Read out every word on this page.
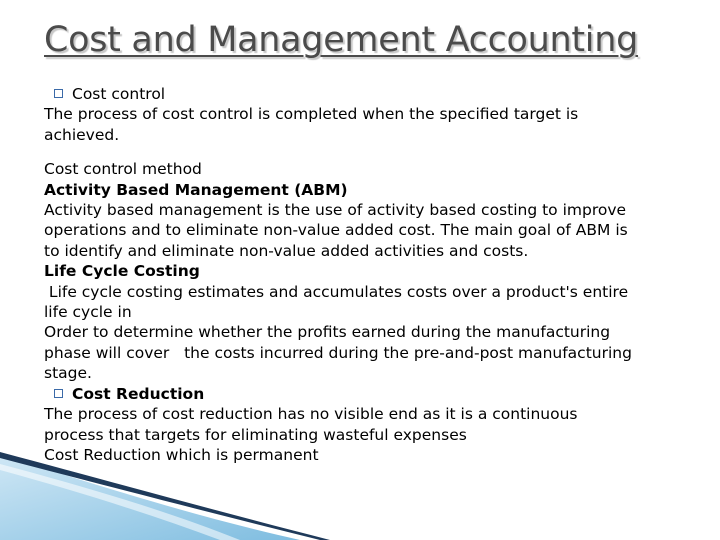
Cost and Management Accounting
Cost control
The process of cost control is completed when the specified target is
achieved.
Cost control method
Activity Based Management (ABM)
Activity based management is the use of activity based costing to improve
operations and to eliminate non-value added cost. The main goal of ABM is
to identify and eliminate non-value added activities and costs.
Life Cycle Costing
Life cycle costing estimates and accumulates costs over a product's entire
life cycle in
Order to determine whether the profits earned during the manufacturing
phase will cover   the costs incurred during the pre-and-post manufacturing
stage.
Cost Reduction
The process of cost reduction has no visible end as it is a continuous
process that targets for eliminating wasteful expenses
Cost Reduction which is permanent
